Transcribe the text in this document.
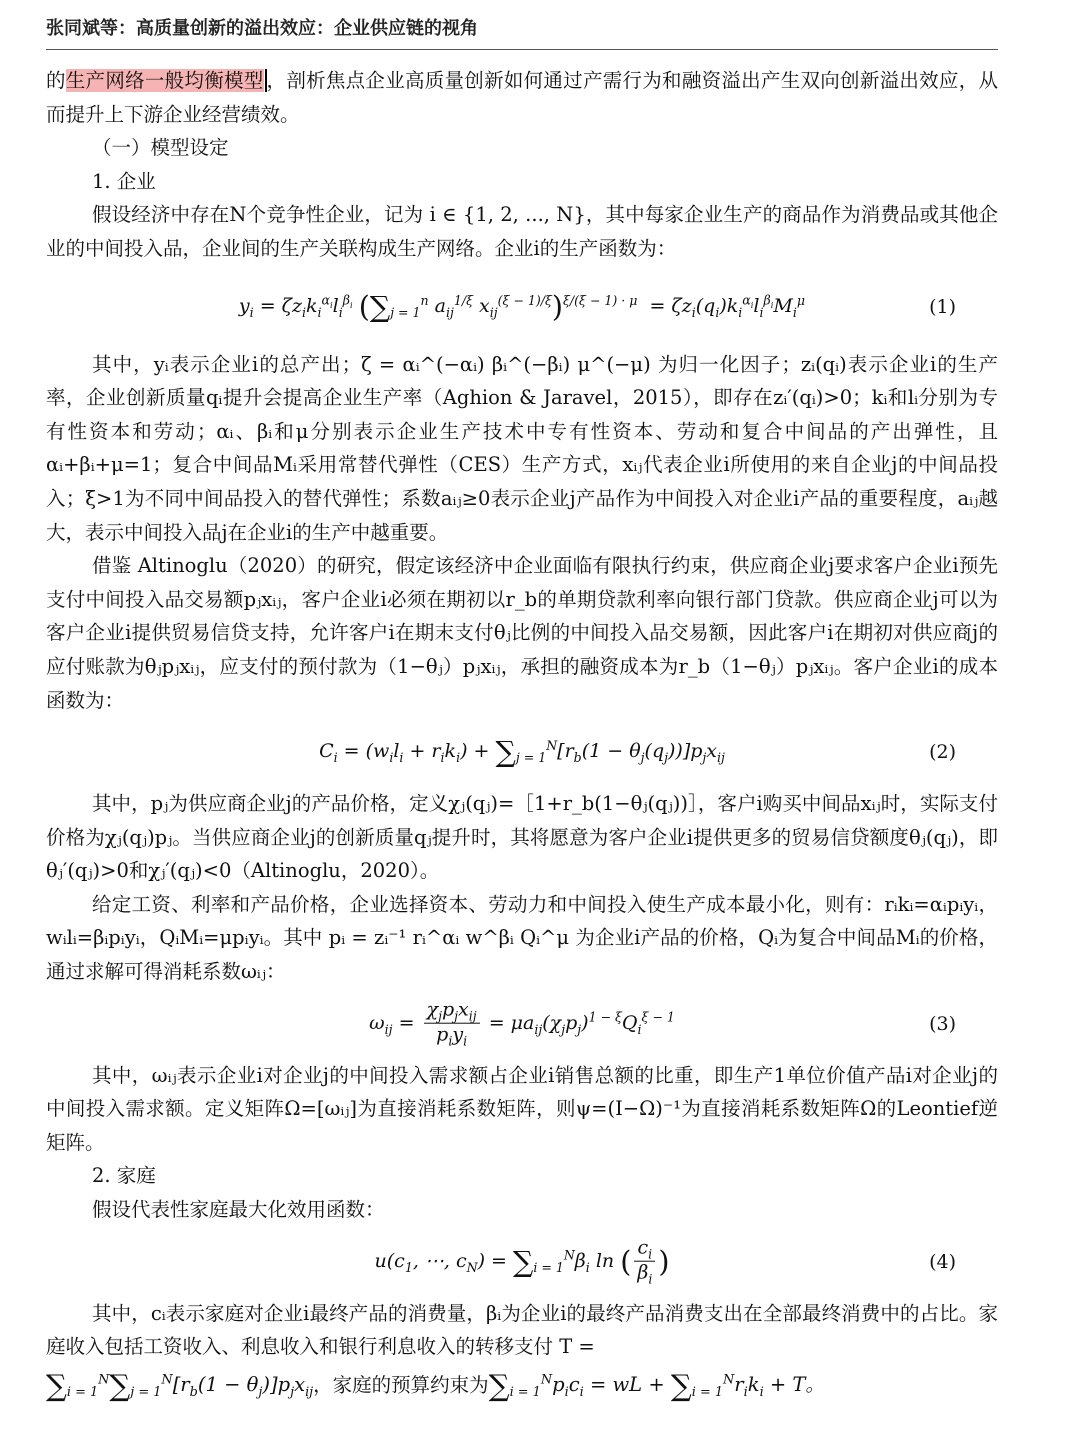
张同斌等：高质量创新的溢出效应：企业供应链的视角

的生产网络一般均衡模型 ，剖析焦点企业高质量创新如何通过产需行为和融资溢出产生双向创新溢出效应，从而提升上下游企业经营绩效。

（一）模型设定

1. 企业

假设经济中存在N个竞争性企业，记为 i ∈ {1, 2, ..., N}，其中每家企业生产的商品作为消费品或其他企业的中间投入品，企业间的生产关联构成生产网络。企业i的生产函数为：

$y_i = \zeta z_ik_i^{\alpha_i}l_i^{\beta_i}$ ($\sum_{j = 1}^n$ $a_{ij}^{1/\xi}$ $x_{ij}^{(\xi - 1)/\xi})^{\xi/(\xi - 1) \cdot \mu} = \zeta z_i(q_i)k_i^{\alpha_i}l_i^{\beta_i}M_i^\mu$	(1)

其中，yᵢ表示企业i的总产出；ζ = αᵢ^(−αᵢ) βᵢ^(−βᵢ) μ^(−μ) 为归一化因子；zᵢ(qᵢ)表示企业i的生产率，企业创新质量qᵢ提升会提高企业生产率（Aghion & Jaravel，2015），即存在zᵢ′(qᵢ)>0；kᵢ和lᵢ分别为专有性资本和劳动；αᵢ、βᵢ和μ分别表示企业生产技术中专有性资本、劳动和复合中间品的产出弹性，且αᵢ+βᵢ+μ=1；复合中间品Mᵢ采用常替代弹性（CES）生产方式，xᵢⱼ代表企业i所使用的来自企业j的中间品投入；ξ>1为不同中间品投入的替代弹性；系数aᵢⱼ≥0表示企业j产品作为中间投入对企业i产品的重要程度，aᵢⱼ越大，表示中间投入品j在企业i的生产中越重要。

借鉴 Altinoglu（2020）的研究，假定该经济中企业面临有限执行约束，供应商企业j要求客户企业i预先支付中间投入品交易额pⱼxᵢⱼ，客户企业i必须在期初以r_b的单期贷款利率向银行部门贷款。供应商企业j可以为客户企业i提供贸易信贷支持，允许客户i在期末支付θⱼ比例的中间投入品交易额，因此客户i在期初对供应商j的应付账款为θⱼpⱼxᵢⱼ，应支付的预付款为（1−θⱼ）pⱼxᵢⱼ，承担的融资成本为r_b（1−θⱼ）pⱼxᵢⱼ。客户企业i的成本函数为：

$C_i = (w_il_i + r_ik_i) + \sum_{j = 1}^N[r_b(1 - \theta_j(q_j))]p_jx_{ij}$	(2)

其中，pⱼ为供应商企业j的产品价格，定义χⱼ(qⱼ)=［1+r_b(1−θⱼ(qⱼ))］，客户i购买中间品xᵢⱼ时，实际支付价格为χⱼ(qⱼ)pⱼ。当供应商企业j的创新质量qⱼ提升时，其将愿意为客户企业i提供更多的贸易信贷额度θⱼ(qⱼ)，即θⱼ′(qⱼ)>0和χⱼ′(qⱼ)<0（Altinoglu，2020）。

给定工资、利率和产品价格，企业选择资本、劳动力和中间投入使生产成本最小化，则有：rᵢkᵢ=αᵢpᵢyᵢ，wᵢlᵢ=βᵢpᵢyᵢ，QᵢMᵢ=μpᵢyᵢ。其中 pᵢ = zᵢ⁻¹ rᵢ^αᵢ w^βᵢ Qᵢ^μ 为企业i产品的价格，Qᵢ为复合中间品Mᵢ的价格，通过求解可得消耗系数ωᵢⱼ：

$\omega_{ij} = \frac{\chi_jp_jx_{ij}}{p_iy_i} = \mu a_{ij}(\chi_jp_j)^{1 - \xi}Q_i^{\xi - 1}$	(3)

其中，ωᵢⱼ表示企业i对企业j的中间投入需求额占企业i销售总额的比重，即生产1单位价值产品i对企业j的中间投入需求额。定义矩阵Ω=[ωᵢⱼ]为直接消耗系数矩阵，则ψ=(I−Ω)⁻¹为直接消耗系数矩阵Ω的Leontief逆矩阵。

2. 家庭

假设代表性家庭最大化效用函数：

$u(c_1$, ⋯, $c_N) = \sum_{i = 1}^N\beta_i$ ln ( $\frac{c_i}{\beta_i}$ )	(4)

其中，cᵢ表示家庭对企业i最终产品的消费量，βᵢ为企业i的最终产品消费支出在全部最终消费中的占比。家庭收入包括工资收入、利息收入和银行利息收入的转移支付 T =

$\sum_{i = 1}^N\sum_{j = 1}^N[r_b(1 - \theta_j)]p_jx_{ij}$，家庭的预算约束为$\sum_{i = 1}^Np_ic_i$ = wL + $\sum_{i = 1}^Nr_ik_i + T$。
